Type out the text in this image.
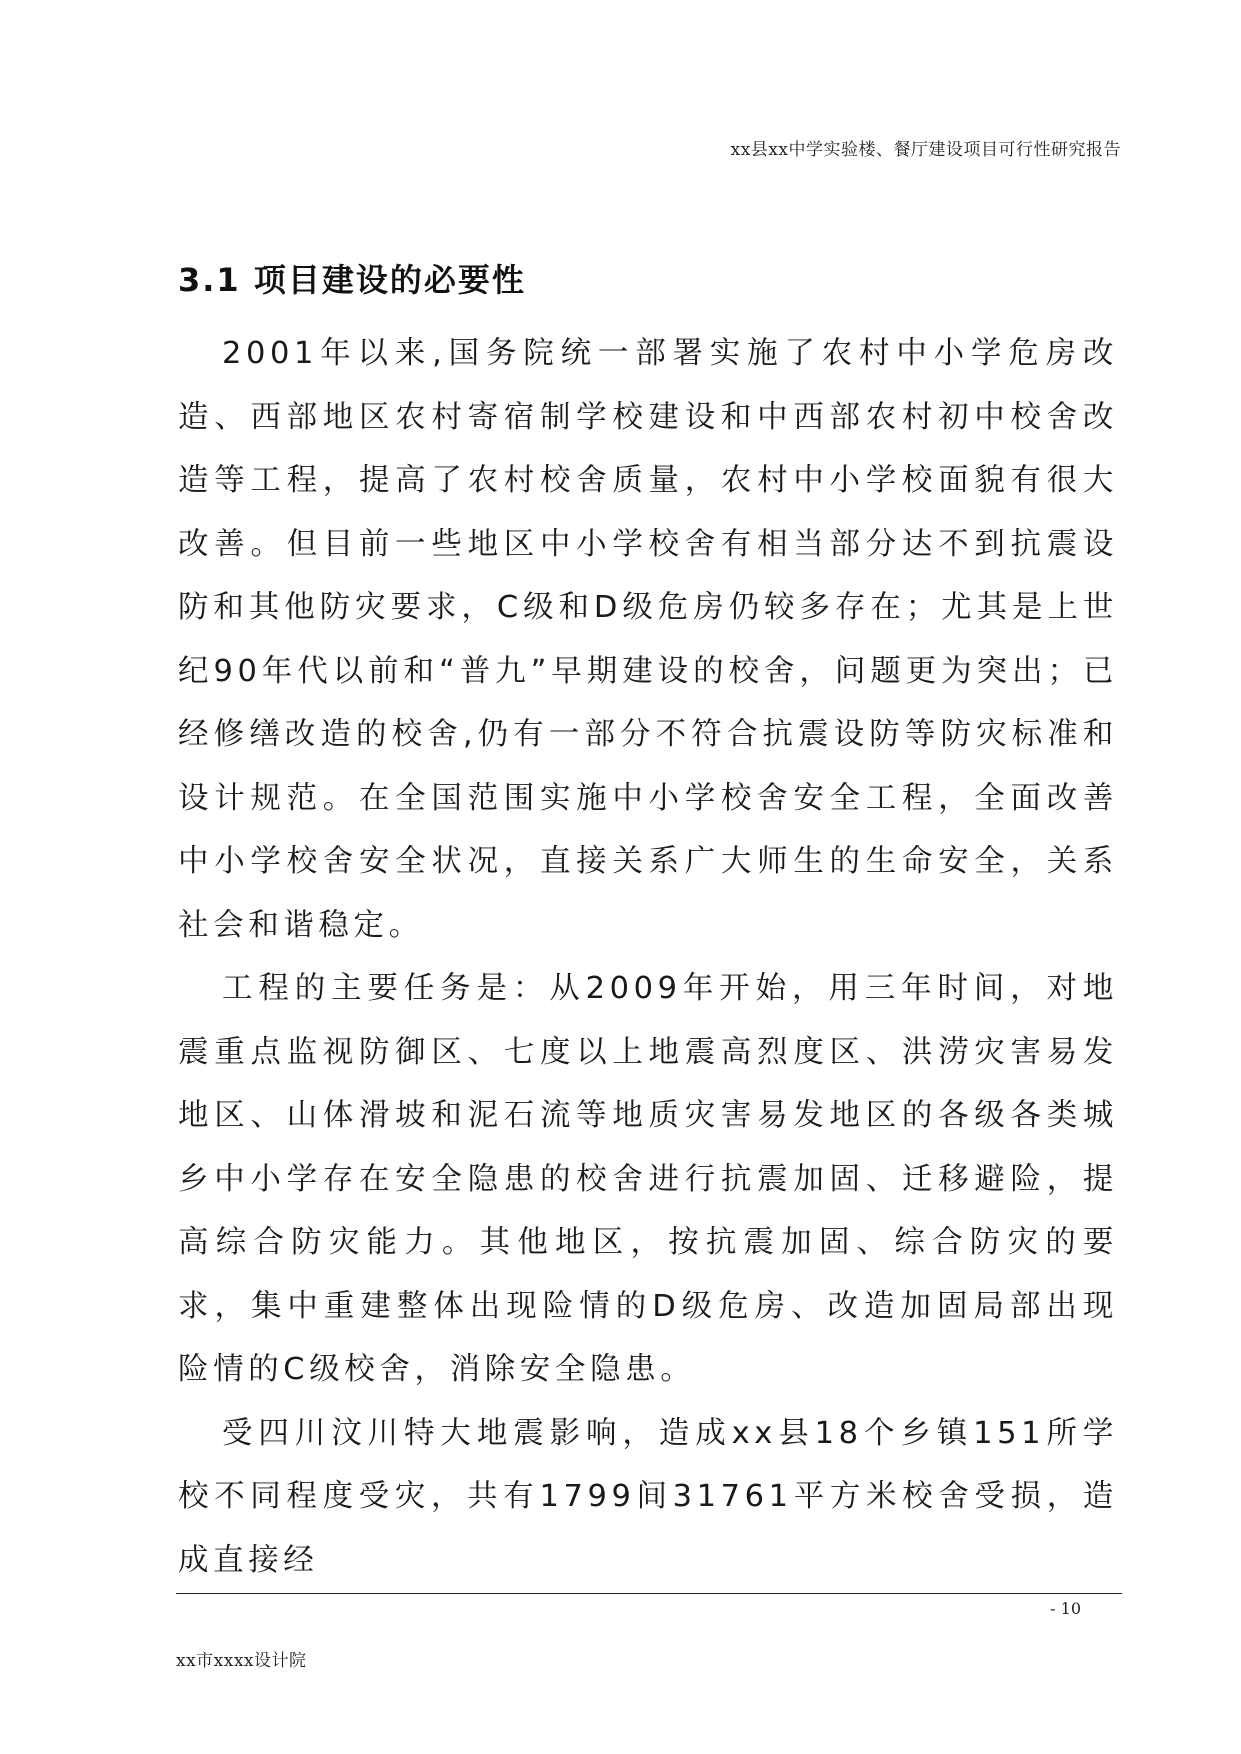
xx县xx中学实验楼、餐厅建设项目可行性研究报告
3.1 项目建设的必要性

2001年以来,国务院统一部署实施了农村中小学危房改造、西部地区农村寄宿制学校建设和中西部农村初中校舍改造等工程，提高了农村校舍质量，农村中小学校面貌有很大改善。但目前一些地区中小学校舍有相当部分达不到抗震设防和其他防灾要求，C级和D级危房仍较多存在；尤其是上世纪90年代以前和“普九”早期建设的校舍，问题更为突出；已经修缮改造的校舍,仍有一部分不符合抗震设防等防灾标准和设计规范。在全国范围实施中小学校舍安全工程，全面改善中小学校舍安全状况，直接关系广大师生的生命安全，关系社会和谐稳定。

工程的主要任务是：从2009年开始，用三年时间，对地震重点监视防御区、七度以上地震高烈度区、洪涝灾害易发地区、山体滑坡和泥石流等地质灾害易发地区的各级各类城乡中小学存在安全隐患的校舍进行抗震加固、迁移避险，提高综合防灾能力。其他地区，按抗震加固、综合防灾的要求，集中重建整体出现险情的D级危房、改造加固局部出现险情的C级校舍，消除安全隐患。

受四川汶川特大地震影响，造成xx县18个乡镇151所学校不同程度受灾，共有1799间31761平方米校舍受损，造成直接经

- 10
xx市xxxx设计院
